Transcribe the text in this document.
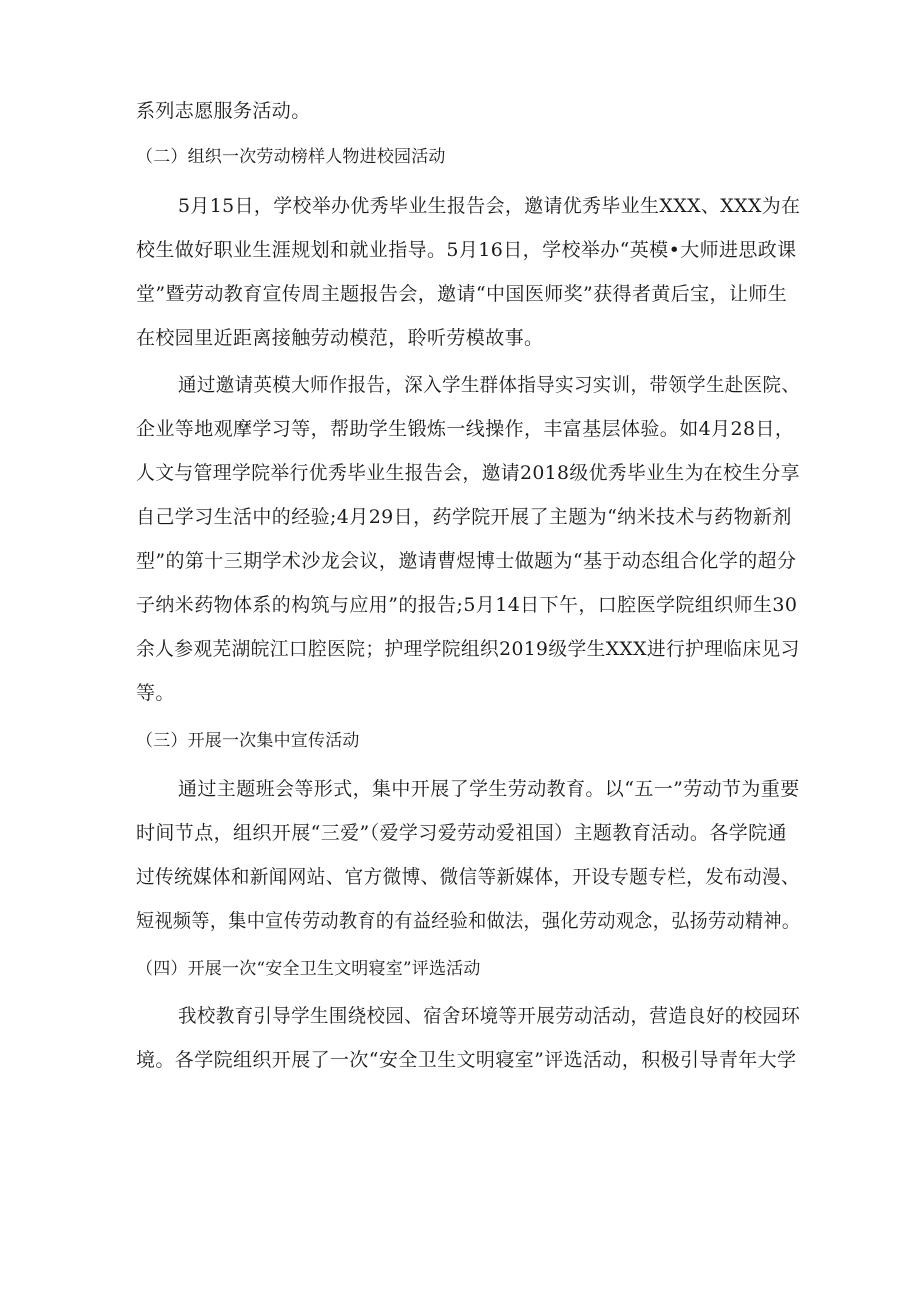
系列志愿服务活动。
（二）组织一次劳动榜样人物进校园活动
5月15日，学校举办优秀毕业生报告会，邀请优秀毕业生XXX、XXX为在
校生做好职业生涯规划和就业指导。5月16日，学校举办“英模•大师进思政课
堂”暨劳动教育宣传周主题报告会，邀请“中国医师奖”获得者黄后宝，让师生
在校园里近距离接触劳动模范，聆听劳模故事。
通过邀请英模大师作报告，深入学生群体指导实习实训，带领学生赴医院、
企业等地观摩学习等，帮助学生锻炼一线操作，丰富基层体验。如4月28日，
人文与管理学院举行优秀毕业生报告会，邀请2018级优秀毕业生为在校生分享
自己学习生活中的经验;4月29日，药学院开展了主题为“纳米技术与药物新剂
型”的第十三期学术沙龙会议，邀请曹煜博士做题为“基于动态组合化学的超分
子纳米药物体系的构筑与应用”的报告;5月14日下午，口腔医学院组织师生30
余人参观芜湖皖江口腔医院；护理学院组织2019级学生XXX进行护理临床见习
等。
（三）开展一次集中宣传活动
通过主题班会等形式，集中开展了学生劳动教育。以“五一”劳动节为重要
时间节点，组织开展“三爱”（爱学习爱劳动爱祖国）主题教育活动。各学院通
过传统媒体和新闻网站、官方微博、微信等新媒体，开设专题专栏，发布动漫、
短视频等，集中宣传劳动教育的有益经验和做法，强化劳动观念，弘扬劳动精神。
（四）开展一次“安全卫生文明寝室”评选活动
我校教育引导学生围绕校园、宿舍环境等开展劳动活动，营造良好的校园环
境。各学院组织开展了一次“安全卫生文明寝室”评选活动，积极引导青年大学
